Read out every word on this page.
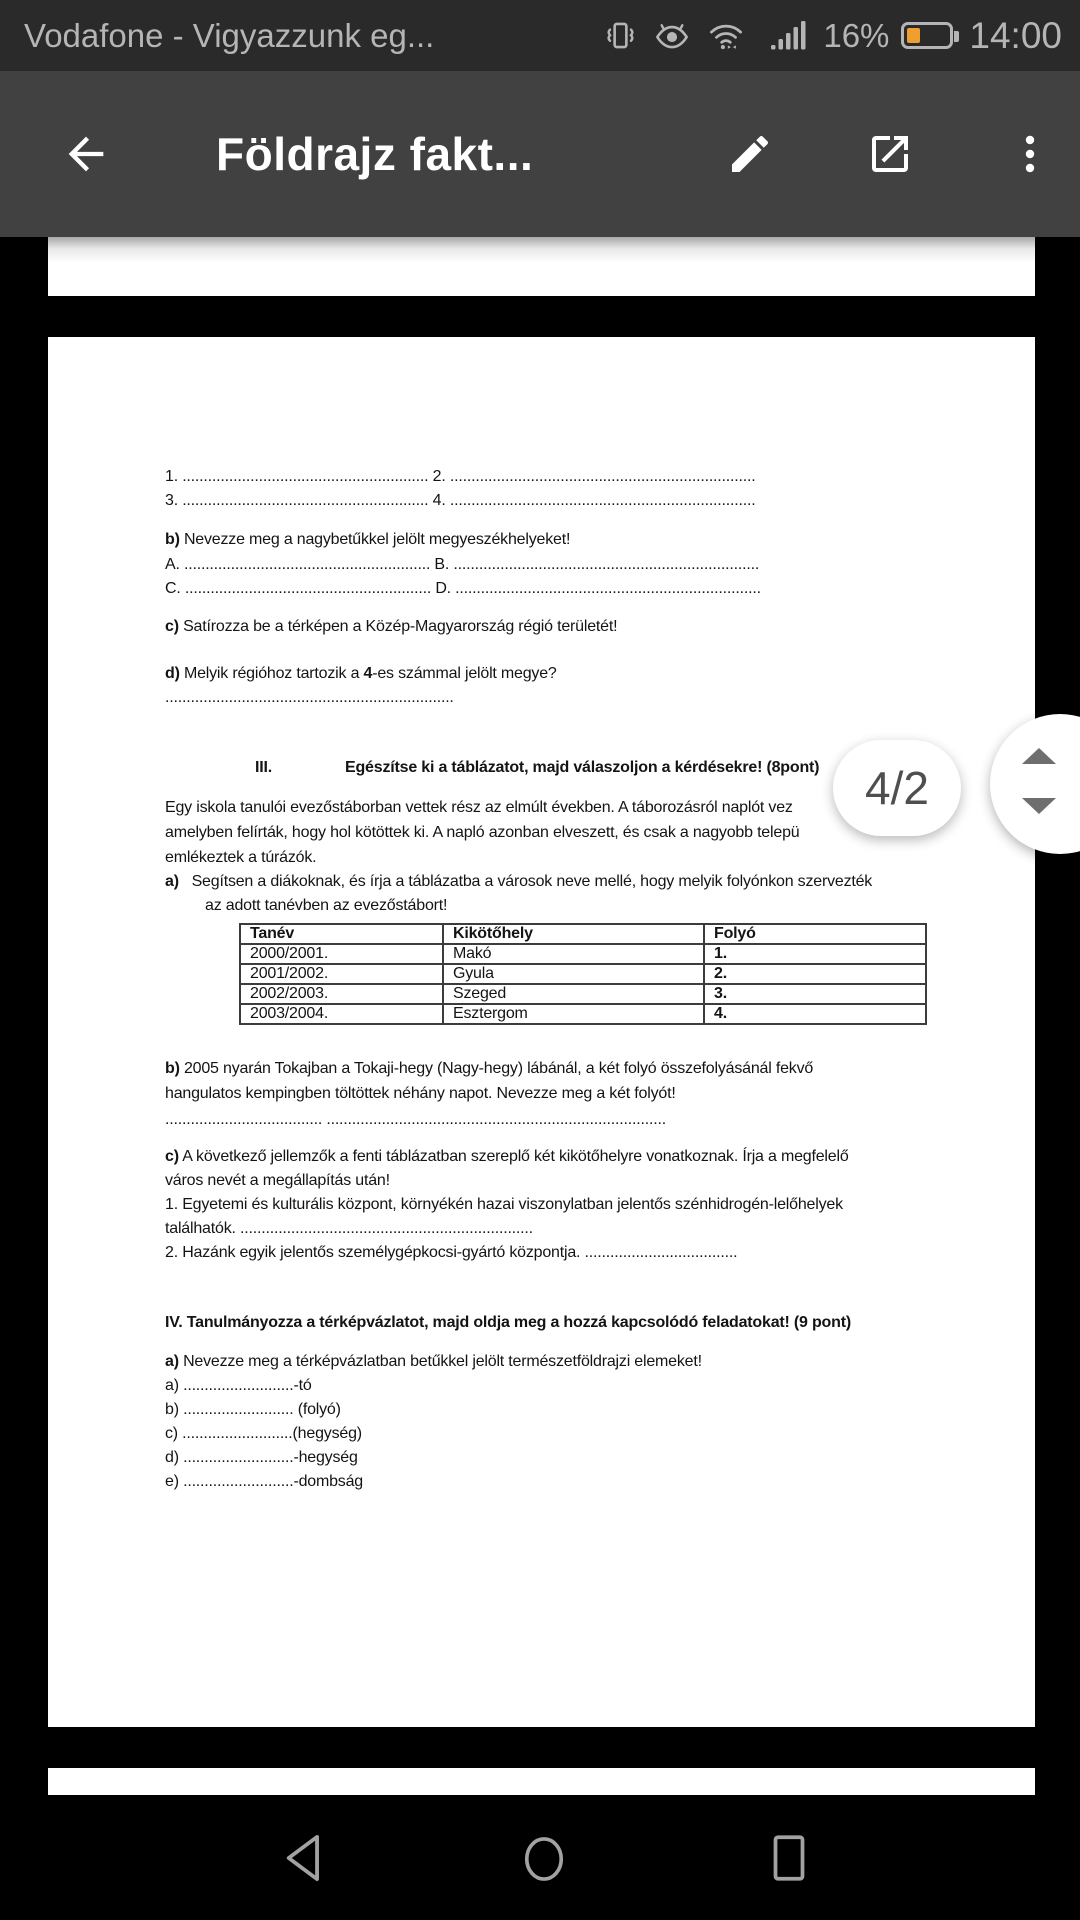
Vodafone - Vigyazzunk eg...	16% 14:00
Földrajz fakt...
1. .......................................................... 2. ........................................................................
3. .......................................................... 4. ........................................................................
b) Nevezze meg a nagybetűkkel jelölt megyeszékhelyeket!
A. .......................................................... B. ........................................................................
C. .......................................................... D. ........................................................................
c) Satírozza be a térképen a Közép-Magyarország régió területét!
d) Melyik régióhoz tartozik a 4-es számmal jelölt megye?
....................................................................
III.	Egészítse ki a táblázatot, majd válaszoljon a kérdésekre! (8pont)
Egy iskola tanulói evezőstáborban vettek rész az elmúlt években. A táborozásról naplót vez
amelyben felírták, hogy hol kötöttek ki. A napló azonban elveszett, és csak a nagyobb telepü
emlékeztek a túrázók.
a) Segítsen a diákoknak, és írja a táblázatba a városok neve mellé, hogy melyik folyónkon szervezték
az adott tanévben az evezőstábort!
Tanév	Kikötőhely	Folyó
2000/2001.	Makó	1.
2001/2002.	Gyula	2.
2002/2003.	Szeged	3.
2003/2004.	Esztergom	4.
b) 2005 nyarán Tokajban a Tokaji-hegy (Nagy-hegy) lábánál, a két folyó összefolyásánál fekvő
hangulatos kempingben töltöttek néhány napot. Nevezze meg a két folyót!
..................................... ................................................................................
c) A következő jellemzők a fenti táblázatban szereplő két kikötőhelyre vonatkoznak. Írja a megfelelő
város nevét a megállapítás után!
1. Egyetemi és kulturális központ, környékén hazai viszonylatban jelentős szénhidrogén-lelőhelyek
találhatók. .....................................................................
2. Hazánk egyik jelentős személygépkocsi-gyártó központja. ....................................
IV. Tanulmányozza a térképvázlatot, majd oldja meg a hozzá kapcsolódó feladatokat! (9 pont)
a) Nevezze meg a térképvázlatban betűkkel jelölt természetföldrajzi elemeket!
a) ..........................-tó
b) .......................... (folyó)
c) ..........................(hegység)
d) ..........................-hegység
e) ..........................-dombság
4/2
